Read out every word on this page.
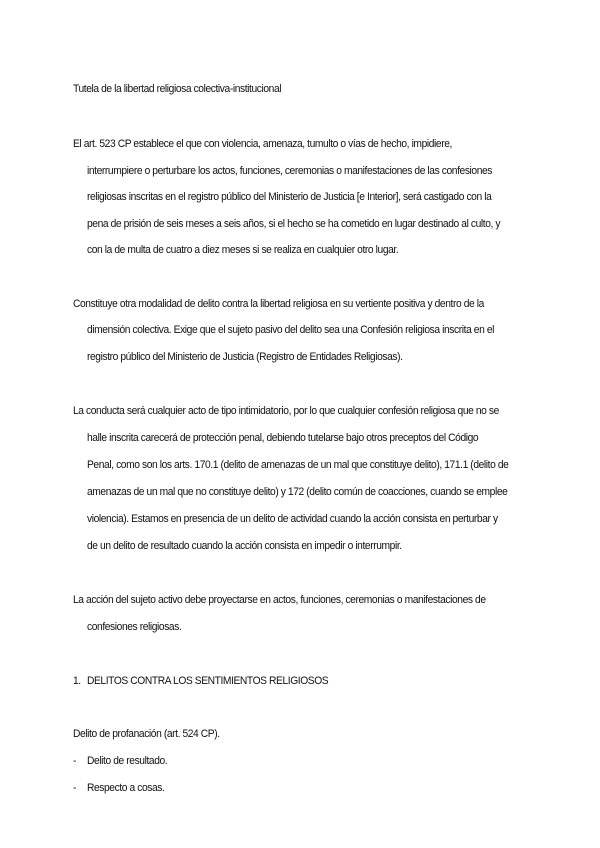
Tutela de la libertad religiosa colectiva-institucional
El art. 523 CP establece el que con violencia, amenaza, tumulto o vías de hecho, impidiere,
interrumpiere o perturbare los actos, funciones, ceremonias o manifestaciones de las confesiones
religiosas inscritas en el registro público del Ministerio de Justicia [e Interior], será castigado con la
pena de prisión de seis meses a seis años, si el hecho se ha cometido en lugar destinado al culto, y
con la de multa de cuatro a diez meses si se realiza en cualquier otro lugar.
Constituye otra modalidad de delito contra la libertad religiosa en su vertiente positiva y dentro de la
dimensión colectiva. Exige que el sujeto pasivo del delito sea una Confesión religiosa inscrita en el
registro público del Ministerio de Justicia (Registro de Entidades Religiosas).
La conducta será cualquier acto de tipo intimidatorio, por lo que cualquier confesión religiosa que no se
halle inscrita carecerá de protección penal, debiendo tutelarse bajo otros preceptos del Código
Penal, como son los arts. 170.1 (delito de amenazas de un mal que constituye delito), 171.1 (delito de
amenazas de un mal que no constituye delito) y 172 (delito común de coacciones, cuando se emplee
violencia). Estamos en presencia de un delito de actividad cuando la acción consista en perturbar y
de un delito de resultado cuando la acción consista en impedir o interrumpir.
La acción del sujeto activo debe proyectarse en actos, funciones, ceremonias o manifestaciones de
confesiones religiosas.
1. DELITOS CONTRA LOS SENTIMIENTOS RELIGIOSOS
Delito de profanación (art. 524 CP).
- Delito de resultado.
- Respecto a cosas.
